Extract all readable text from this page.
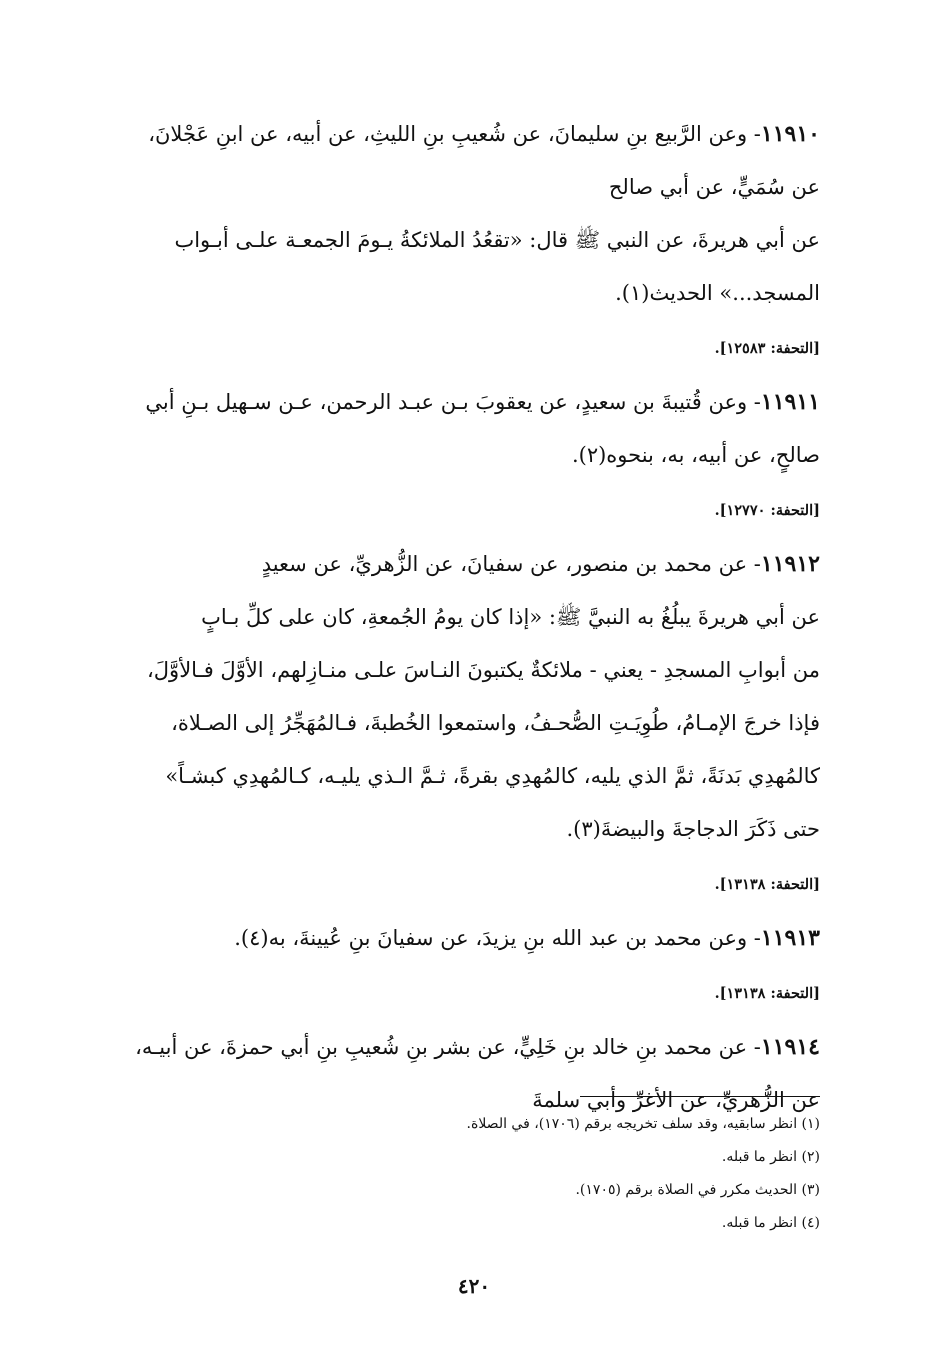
١١٩١٠- وعن الرَّبيع بنِ سليمانَ، عن شُعيبِ بنِ الليثِ، عن أبيه، عن ابنِ عَجْلانَ،
عن سُمَيٍّ، عن أبي صالح
عن أبي هريرةَ، عن النبي ﷺ قال: «تقعُدُ الملائكةُ يـومَ الجمعـة علـى أبـواب
المسجد...» الحديث(١).
[التحفة: ١٢٥٨٣].
١١٩١١- وعن قُتيبةَ بن سعيدٍ، عن يعقوبَ بـن عبـد الرحمن، عـن سـهيل بـنِ أبي
صالحٍ، عن أبيه، به، بنحوه(٢).
[التحفة: ١٢٧٧٠].
١١٩١٢- عن محمد بن منصور، عن سفيانَ، عن الزُّهريِّ، عن سعيدٍ
عن أبي هريرةَ يبلُغُ به النبيَّ ﷺ: «إذا كان يومُ الجُمعةِ، كان على كلِّ بـابٍ
من أبوابِ المسجدِ - يعني - ملائكةٌ يكتبونَ النـاسَ علـى منـازِلهم، الأوَّلَ فـالأوَّلَ،
فإذا خرجَ الإمـامُ، طُوِيَـتِ الصُّحـفُ، واستمعوا الخُطبةَ، فـالمُهَجِّرُ إلى الصـلاة،
كالمُهدِي بَدنَةً، ثمَّ الذي يليه، كالمُهدِي بقرةً، ثـمَّ الـذي يليـه، كـالمُهدِي كبشـاً»
حتى ذَكَرَ الدجاجةَ والبيضةَ(٣).
[التحفة: ١٣١٣٨].
١١٩١٣- وعن محمد بن عبد الله بنِ يزيدَ، عن سفيانَ بنِ عُيينةَ، به(٤).
[التحفة: ١٣١٣٨].
١١٩١٤- عن محمد بنِ خالد بنِ خَلِيٍّ، عن بشر بنِ شُعيبِ بنِ أبي حمزةَ، عن أبيـه،
عن الزُّهريِّ، عن الأغرِّ وأبي سلمةَ
(١) انظر سابقيه، وقد سلف تخريجه برقم (١٧٠٦)، في الصلاة.
(٢) انظر ما قبله.
(٣) الحديث مكرر في الصلاة برقم (١٧٠٥).
(٤) انظر ما قبله.
٤٢٠
